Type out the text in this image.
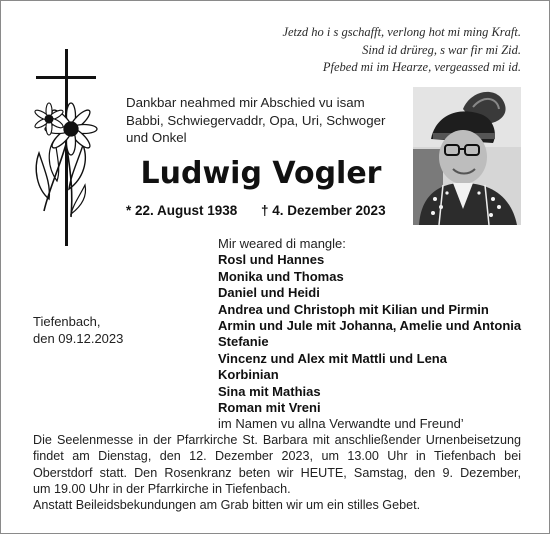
Jetzd ho i s gschafft, verlong hot mi ming Kraft.
Sind id drüreg, s war fir mi Zid.
Pfebed mi im Hearze, vergeassed mi id.
Dankbar neahmed mir Abschied vu isam
Babbi, Schwiegervaddr, Opa, Uri, Schwoger
und Onkel
Ludwig Vogler
* 22. August 1938 † 4. Dezember 2023
Tiefenbach,
den 09.12.2023
Mir weared di mangle:
Rosl und Hannes
Monika und Thomas
Daniel und Heidi
Andrea und Christoph mit Kilian und Pirmin
Armin und Jule mit Johanna, Amelie und Antonia
Stefanie
Vincenz und Alex mit Mattli und Lena
Korbinian
Sina mit Mathias
Roman mit Vreni
im Namen vu allna Verwandte und Freund’
Die Seelenmesse in der Pfarrkirche St. Barbara mit anschließender Urnenbeisetzung
findet am Dienstag, den 12. Dezember 2023, um 13.00 Uhr in Tiefenbach bei
Oberstdorf statt. Den Rosenkranz beten wir HEUTE, Samstag, den 9. Dezember,
um 19.00 Uhr in der Pfarrkirche in Tiefenbach.
Anstatt Beileidsbekundungen am Grab bitten wir um ein stilles Gebet.
